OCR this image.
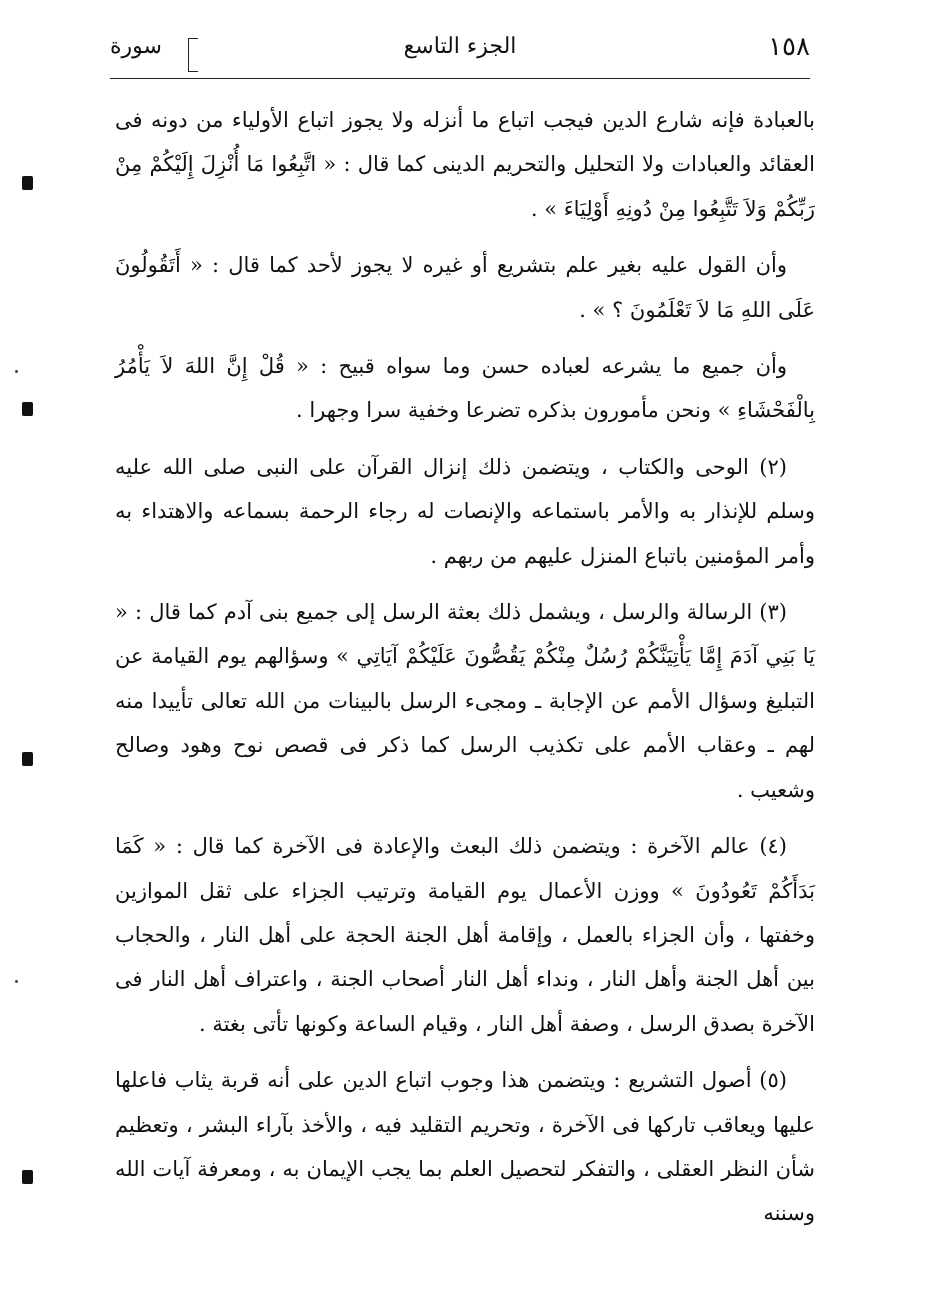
١٥٨
الجزء التاسع
سورة

بالعبادة فإنه شارع الدين فيجب اتباع ما أنزله ولا يجوز اتباع الأولياء من دونه فى العقائد والعبادات ولا التحليل والتحريم الدينى كما قال : « اتَّبِعُوا مَا أُنْزِلَ إِلَيْكُمْ مِنْ رَبِّكُمْ وَلاَ تَتَّبِعُوا مِنْ دُونِهِ أَوْلِيَاءَ » .

وأن القول عليه بغير علم بتشريع أو غيره لا يجوز لأحد كما قال : « أَتَقُولُونَ عَلَى اللهِ مَا لاَ تَعْلَمُونَ ؟ » .

وأن جميع ما يشرعه لعباده حسن وما سواه قبيح : « قُلْ إِنَّ اللهَ لاَ يَأْمُرُ بِالْفَحْشَاءِ » ونحن مأمورون بذكره تضرعا وخفية سرا وجهرا .

(٢) الوحى والكتاب ، ويتضمن ذلك إنزال القرآن على النبى صلى الله عليه وسلم للإنذار به والأمر باستماعه والإنصات له رجاء الرحمة بسماعه والاهتداء به وأمر المؤمنين باتباع المنزل عليهم من ربهم .

(٣) الرسالة والرسل ، ويشمل ذلك بعثة الرسل إلى جميع بنى آدم كما قال : « يَا بَنِي آدَمَ إِمَّا يَأْتِيَنَّكُمْ رُسُلٌ مِنْكُمْ يَقُصُّونَ عَلَيْكُمْ آيَاتِي » وسؤالهم يوم القيامة عن التبليغ وسؤال الأمم عن الإجابة ـ ومجىء الرسل بالبينات من الله تعالى تأييدا منه لهم ـ وعقاب الأمم على تكذيب الرسل كما ذكر فى قصص نوح وهود وصالح وشعيب .

(٤) عالم الآخرة : ويتضمن ذلك البعث والإعادة فى الآخرة كما قال : « كَمَا بَدَأَكُمْ تَعُودُونَ » ووزن الأعمال يوم القيامة وترتيب الجزاء على ثقل الموازين وخفتها ، وأن الجزاء بالعمل ، وإقامة أهل الجنة الحجة على أهل النار ، والحجاب بين أهل الجنة وأهل النار ، ونداء أهل النار أصحاب الجنة ، واعتراف أهل النار فى الآخرة بصدق الرسل ، وصفة أهل النار ، وقيام الساعة وكونها تأتى بغتة .

(٥) أصول التشريع : ويتضمن هذا وجوب اتباع الدين على أنه قربة يثاب فاعلها عليها ويعاقب تاركها فى الآخرة ، وتحريم التقليد فيه ، والأخذ بآراء البشر ، وتعظيم شأن النظر العقلى ، والتفكر لتحصيل العلم بما يجب الإيمان به ، ومعرفة آيات الله وسننه
